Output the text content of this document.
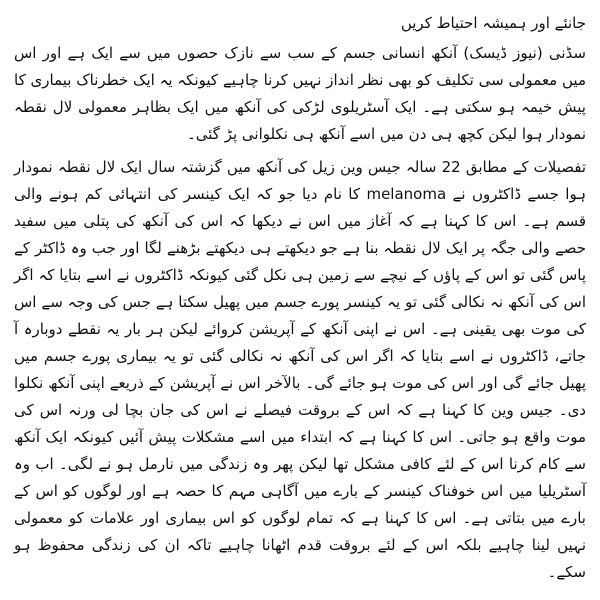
جانئے اور ہمیشہ احتیاط کریں

سڈنی (نیوز ڈیسک) آنکھ انسانی جسم کے سب سے نازک حصوں میں سے ایک ہے اور اس میں معمولی سی تکلیف کو بھی نظر انداز نہیں کرنا چاہیے کیونکہ یہ ایک خطرناک بیماری کا پیش خیمہ ہو سکتی ہے۔ ایک آسٹریلوی لڑکی کی آنکھ میں ایک بظاہر معمولی لال نقطہ نمودار ہوا لیکن کچھ ہی دن میں اسے آنکھ ہی نکلوانی پڑ گئی۔

تفصیلات کے مطابق 22 سالہ جیس وین زیل کی آنکھ میں گزشتہ سال ایک لال نقطہ نمودار ہوا جسے ڈاکٹروں نے melanoma کا نام دیا جو کہ ایک کینسر کی انتہائی کم ہونے والی قسم ہے۔ اس کا کہنا ہے کہ آغاز میں اس نے دیکھا کہ اس کی آنکھ کی پتلی میں سفید حصے والی جگہ پر ایک لال نقطہ بنا ہے جو دیکھتے ہی دیکھتے بڑھنے لگا اور جب وہ ڈاکٹر کے پاس گئی تو اس کے پاؤں کے نیچے سے زمین ہی نکل گئی کیونکہ ڈاکٹروں نے اسے بتایا کہ اگر اس کی آنکھ نہ نکالی گئی تو یہ کینسر پورے جسم میں پھیل سکتا ہے جس کی وجہ سے اس کی موت بھی یقینی ہے۔ اس نے اپنی آنکھ کے آپریشن کروائے لیکن ہر بار یہ نقطے دوبارہ آ جاتے، ڈاکٹروں نے اسے بتایا کہ اگر اس کی آنکھ نہ نکالی گئی تو یہ بیماری پورے جسم میں پھیل جائے گی اور اس کی موت ہو جائے گی۔ بالآخر اس نے آپریشن کے ذریعے اپنی آنکھ نکلوا دی۔ جیس وین کا کہنا ہے کہ اس کے بروقت فیصلے نے اس کی جان بچا لی ورنہ اس کی موت واقع ہو جاتی۔ اس کا کہنا ہے کہ ابتداء میں اسے مشکلات پیش آئیں کیونکہ ایک آنکھ سے کام کرنا اس کے لئے کافی مشکل تھا لیکن پھر وہ زندگی میں نارمل ہو نے لگی۔ اب وہ آسٹریلیا میں اس خوفناک کینسر کے بارے میں آگاہی مہم کا حصہ ہے اور لوگوں کو اس کے بارے میں بتاتی ہے۔ اس کا کہنا ہے کہ تمام لوگوں کو اس بیماری اور علامات کو معمولی نہیں لینا چاہیے بلکہ اس کے لئے بروقت قدم اٹھانا چاہیے تاکہ ان کی زندگی محفوظ ہو سکے۔
